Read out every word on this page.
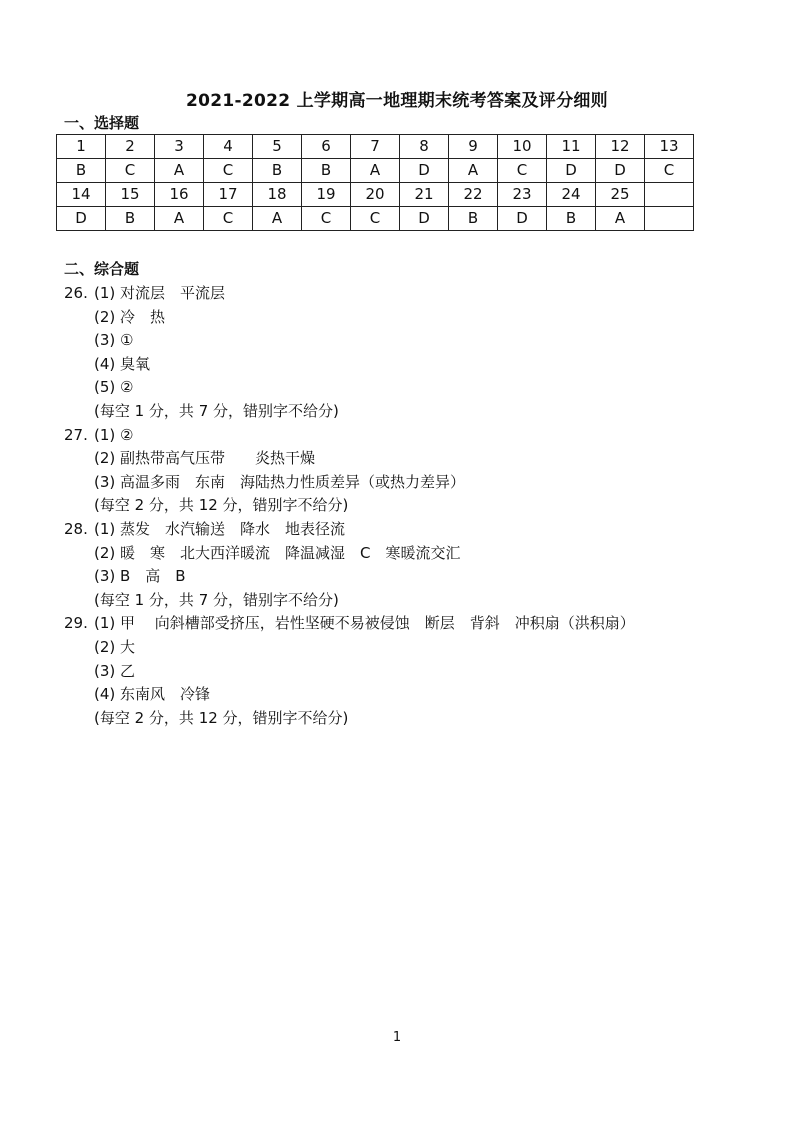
2021-2022 上学期高一地理期末统考答案及评分细则
一、选择题
1	2	3	4	5	6	7	8	9	10	11	12	13
B	C	A	C	B	B	A	D	A	C	D	D	C
14	15	16	17	18	19	20	21	22	23	24	25	
D	B	A	C	A	C	C	D	B	D	B	A	
二、综合题
26. (1) 对流层　平流层
(2) 冷　热
(3) ①
(4) 臭氧
(5) ②
(每空 1 分，共 7 分，错别字不给分)
27. (1) ②
(2) 副热带高气压带　　炎热干燥
(3) 高温多雨　东南　海陆热力性质差异（或热力差异）
(每空 2 分，共 12 分，错别字不给分)
28. (1) 蒸发　水汽输送　降水　地表径流
(2) 暖　寒　北大西洋暖流　降温减湿　C　寒暖流交汇
(3) B　高　B
(每空 1 分，共 7 分，错别字不给分)
29. (1) 甲　 向斜槽部受挤压，岩性坚硬不易被侵蚀　断层　背斜　冲积扇（洪积扇）
(2) 大
(3) 乙
(4) 东南风　冷锋
(每空 2 分，共 12 分，错别字不给分)
1
